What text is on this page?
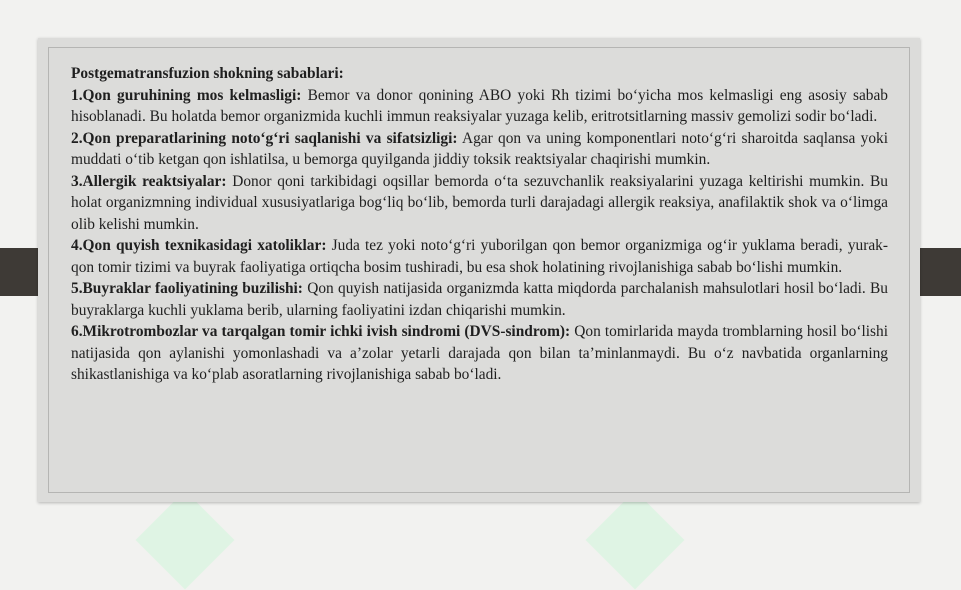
Postgematransfuzion shokning sabablari:

1.Qon guruhining mos kelmasligi: Bemor va donor qonining ABO yoki Rh tizimi bo‘yicha mos kelmasligi eng asosiy sabab hisoblanadi. Bu holatda bemor organizmida kuchli immun reaksiyalar yuzaga kelib, eritrotsitlarning massiv gemolizi sodir bo‘ladi.

2.Qon preparatlarining noto‘g‘ri saqlanishi va sifatsizligi: Agar qon va uning komponentlari noto‘g‘ri sharoitda saqlansa yoki muddati o‘tib ketgan qon ishlatilsa, u bemorga quyilganda jiddiy toksik reaktsiyalar chaqirishi mumkin.

3.Allergik reaktsiyalar: Donor qoni tarkibidagi oqsillar bemorda o‘ta sezuvchanlik reaksiyalarini yuzaga keltirishi mumkin. Bu holat organizmning individual xususiyatlariga bog‘liq bo‘lib, bemorda turli darajadagi allergik reaksiya, anafilaktik shok va o‘limga olib kelishi mumkin.

4.Qon quyish texnikasidagi xatoliklar: Juda tez yoki noto‘g‘ri yuborilgan qon bemor organizmiga og‘ir yuklama beradi, yurak-qon tomir tizimi va buyrak faoliyatiga ortiqcha bosim tushiradi, bu esa shok holatining rivojlanishiga sabab bo‘lishi mumkin.

5.Buyraklar faoliyatining buzilishi: Qon quyish natijasida organizmda katta miqdorda parchalanish mahsulotlari hosil bo‘ladi. Bu buyraklarga kuchli yuklama berib, ularning faoliyatini izdan chiqarishi mumkin.

6.Mikrotrombozlar va tarqalgan tomir ichki ivish sindromi (DVS-sindrom): Qon tomirlarida mayda tromblarning hosil bo‘lishi natijasida qon aylanishi yomonlashadi va a’zolar yetarli darajada qon bilan ta’minlanmaydi. Bu o‘z navbatida organlarning shikastlanishiga va ko‘plab asoratlarning rivojlanishiga sabab bo‘ladi.
